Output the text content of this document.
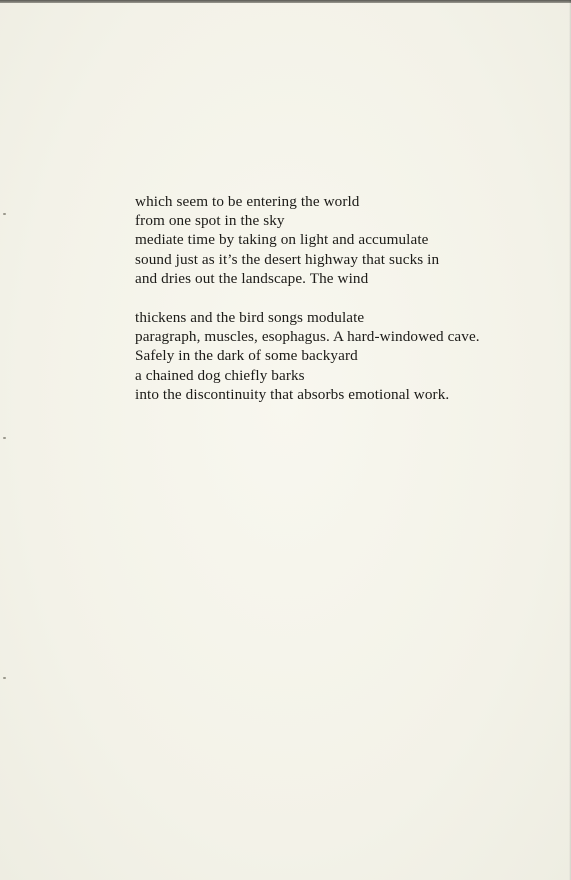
which seem to be entering the world
from one spot in the sky
mediate time by taking on light and accumulate
sound just as it’s the desert highway that sucks in
and dries out the landscape. The wind
thickens and the bird songs modulate
paragraph, muscles, esophagus. A hard-windowed cave.
Safely in the dark of some backyard
a chained dog chiefly barks
into the discontinuity that absorbs emotional work.
